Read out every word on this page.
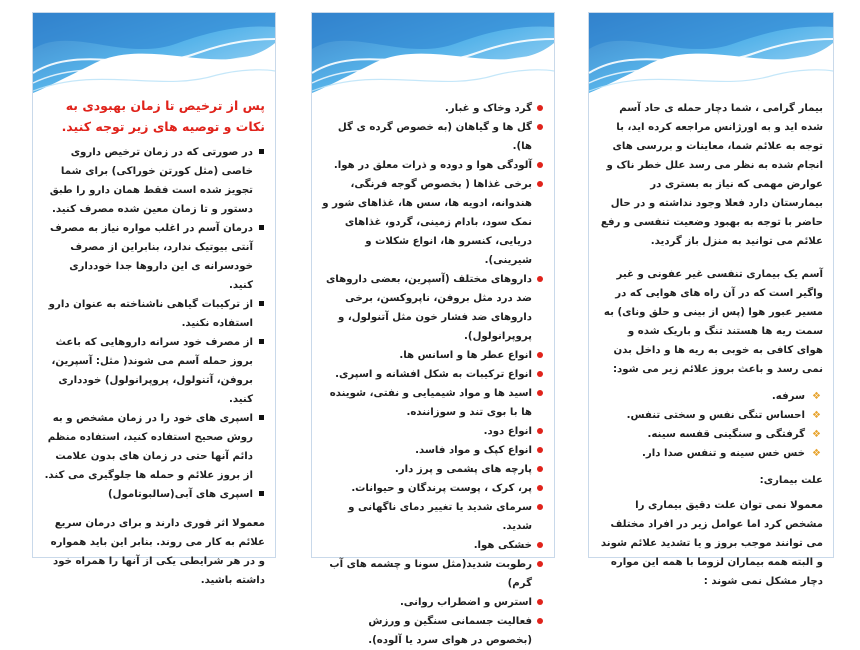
پس از ترخیص تا زمان بهبودی به نکات و توصیه های زیر توجه کنید.

در صورتی که در زمان ترخیص داروی خاصی (مثل کورتن خوراکی) برای شما تجویز شده است فقط همان دارو را طبق دستور و تا زمان معین شده مصرف کنید.
درمان آسم در اغلب مواره نیاز به مصرف آنتی بیوتیک ندارد، بنابراین از مصرف خودسرانه ی این داروها جدا خودداری کنید.
از ترکیبات گیاهی ناشناخته به عنوان دارو استفاده نکنید.
از مصرف خود سرانه داروهایی که باعث بروز حمله آسم می شوند( مثل: آسپرین، بروفن، آتنولول، پروپرانولول) خودداری کنید.
اسپری های خود را در زمان مشخص و به روش صحیح استفاده کنید، استفاده منظم دائم آنها حتی در زمان های بدون علامت از بروز علائم و حمله ها جلوگیری می کند.
اسپری های آبی(سالبوتامول)

معمولا اثر فوری دارند و برای درمان سریع علائم به کار می روند. بنابر این باید همواره و در هر شرایطی یکی از آنها را همراه خود داشته باشید.

گرد وخاک و غبار.
گل ها و گیاهان (به خصوص گرده ی گل ها).
آلودگی هوا و دوده و ذرات معلق در هوا.
برخی غذاها ( بخصوص گوجه فرنگی، هندوانه، ادویه ها، سس ها، غذاهای شور و نمک سود، بادام زمینی، گردو، غذاهای دریایی، کنسرو ها، انواع شکلات و شیرینی).
داروهای مختلف (آسپرین، بعضی داروهای ضد درد مثل بروفن، ناپروکسن، برخی داروهای ضد فشار خون مثل آتنولول، و پروپرانولول).
انواع عطر ها و اسانس ها.
انواع ترکیبات به شکل افشانه و اسپری.
اسید ها و مواد شیمیایی و نفتی، شوینده ها با بوی تند و سوزاننده.
انواع دود.
انواع کپک و مواد فاسد.
پارچه های پشمی و پرز دار.
پر، کرک ، پوست پرندگان و حیوانات.
سرمای شدید یا تغییر دمای ناگهانی و شدید.
خشکی هوا.
رطوبت شدید(مثل سونا و چشمه های آب گرم)
استرس و اضطراب روانی.
فعالیت جسمانی سنگین و ورزش (بخصوص در هوای سرد یا آلوده).

بیمار گرامی ، شما دچار حمله ی حاد آسم شده اید و به اورژانس مراجعه کرده اید، با توجه به علائم شما، معاینات و بررسی های انجام شده به نظر می رسد علل خطر ناک و عوارض مهمی که نیاز به بستری در بیمارستان دارد فعلا وجود نداشته و در حال حاضر با توجه به بهبود وضعیت تنفسی و رفع علائم می توانید به منزل باز گردید.

آسم یک بیماری تنفسی غیر عفونی و غیر واگیر است که در آن راه های هوایی که در مسیر عبور هوا (پس از بینی و حلق ونای) به سمت ریه ها هستند تنگ و باریک شده و هوای کافی به خوبی به ریه ها و داخل بدن نمی رسد و باعث بروز علائم زیر می شود:

❖ سرفه.
❖ احساس تنگی نفس و سختی تنفس.
❖ گرفتگی و سنگینی قفسه سینه.
❖ خس خس سینه و تنفس صدا دار.

علت بیماری:

معمولا نمی توان علت دقیق بیماری را مشخص کرد اما عوامل زیر در افراد مختلف می توانند موجب بروز و یا تشدید علائم شوند و البته همه بیماران لزوما با همه این مواره دچار مشکل نمی شوند :
